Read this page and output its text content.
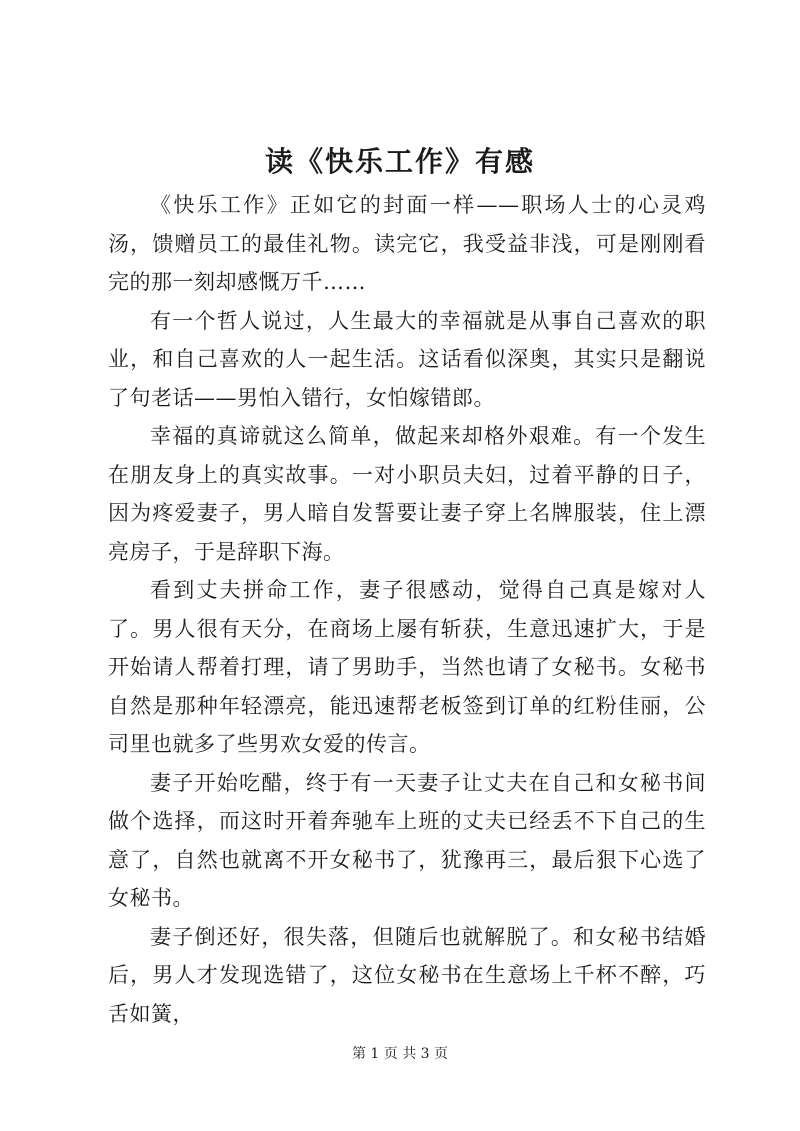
读《快乐工作》有感

《快乐工作》正如它的封面一样——职场人士的心灵鸡汤，馈赠员工的最佳礼物。读完它，我受益非浅，可是刚刚看完的那一刻却感慨万千……

有一个哲人说过，人生最大的幸福就是从事自己喜欢的职业，和自己喜欢的人一起生活。这话看似深奥，其实只是翻说了句老话——男怕入错行，女怕嫁错郎。

幸福的真谛就这么简单，做起来却格外艰难。有一个发生在朋友身上的真实故事。一对小职员夫妇，过着平静的日子，因为疼爱妻子，男人暗自发誓要让妻子穿上名牌服装，住上漂亮房子，于是辞职下海。

看到丈夫拼命工作，妻子很感动，觉得自己真是嫁对人了。男人很有天分，在商场上屡有斩获，生意迅速扩大，于是开始请人帮着打理，请了男助手，当然也请了女秘书。女秘书自然是那种年轻漂亮，能迅速帮老板签到订单的红粉佳丽，公司里也就多了些男欢女爱的传言。

妻子开始吃醋，终于有一天妻子让丈夫在自己和女秘书间做个选择，而这时开着奔驰车上班的丈夫已经丢不下自己的生意了，自然也就离不开女秘书了，犹豫再三，最后狠下心选了女秘书。

妻子倒还好，很失落，但随后也就解脱了。和女秘书结婚后，男人才发现选错了，这位女秘书在生意场上千杯不醉，巧舌如簧，

第 1 页 共 3 页
